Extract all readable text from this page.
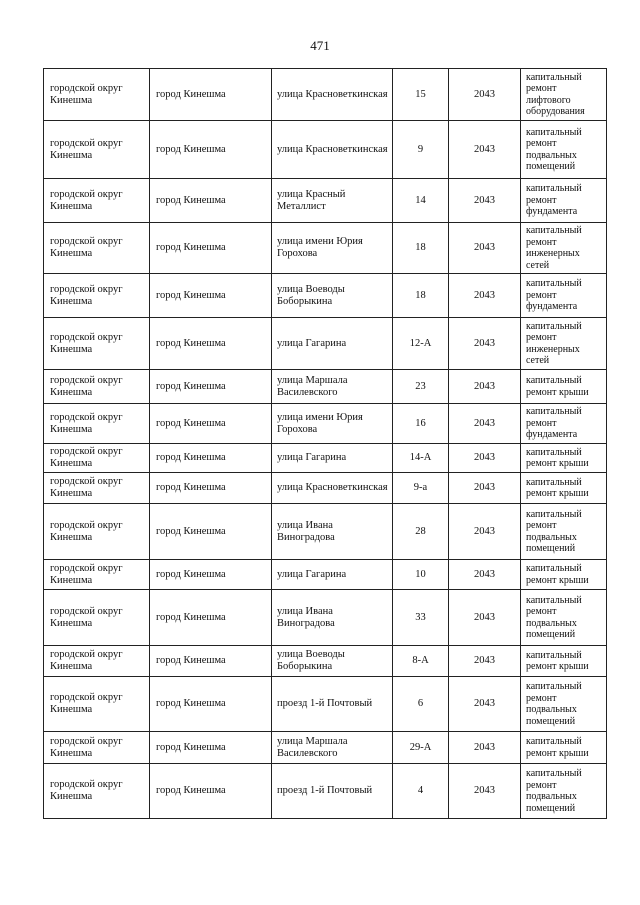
471
городской округ Кинешма	город Кинешма	улица Красноветкинская	15	2043	капитальный ремонт лифтового оборудования
городской округ Кинешма	город Кинешма	улица Красноветкинская	9	2043	капитальный ремонт подвальных помещений
городской округ Кинешма	город Кинешма	улица Красный Металлист	14	2043	капитальный ремонт фундамента
городской округ Кинешма	город Кинешма	улица имени Юрия Горохова	18	2043	капитальный ремонт инженерных сетей
городской округ Кинешма	город Кинешма	улица Воеводы Боборыкина	18	2043	капитальный ремонт фундамента
городской округ Кинешма	город Кинешма	улица Гагарина	12-А	2043	капитальный ремонт инженерных сетей
городской округ Кинешма	город Кинешма	улица Маршала Василевского	23	2043	капитальный ремонт крыши
городской округ Кинешма	город Кинешма	улица имени Юрия Горохова	16	2043	капитальный ремонт фундамента
городской округ Кинешма	город Кинешма	улица Гагарина	14-А	2043	капитальный ремонт крыши
городской округ Кинешма	город Кинешма	улица Красноветкинская	9-а	2043	капитальный ремонт крыши
городской округ Кинешма	город Кинешма	улица Ивана Виноградова	28	2043	капитальный ремонт подвальных помещений
городской округ Кинешма	город Кинешма	улица Гагарина	10	2043	капитальный ремонт крыши
городской округ Кинешма	город Кинешма	улица Ивана Виноградова	33	2043	капитальный ремонт подвальных помещений
городской округ Кинешма	город Кинешма	улица Воеводы Боборыкина	8-А	2043	капитальный ремонт крыши
городской округ Кинешма	город Кинешма	проезд 1-й Почтовый	6	2043	капитальный ремонт подвальных помещений
городской округ Кинешма	город Кинешма	улица Маршала Василевского	29-А	2043	капитальный ремонт крыши
городской округ Кинешма	город Кинешма	проезд 1-й Почтовый	4	2043	капитальный ремонт подвальных помещений
